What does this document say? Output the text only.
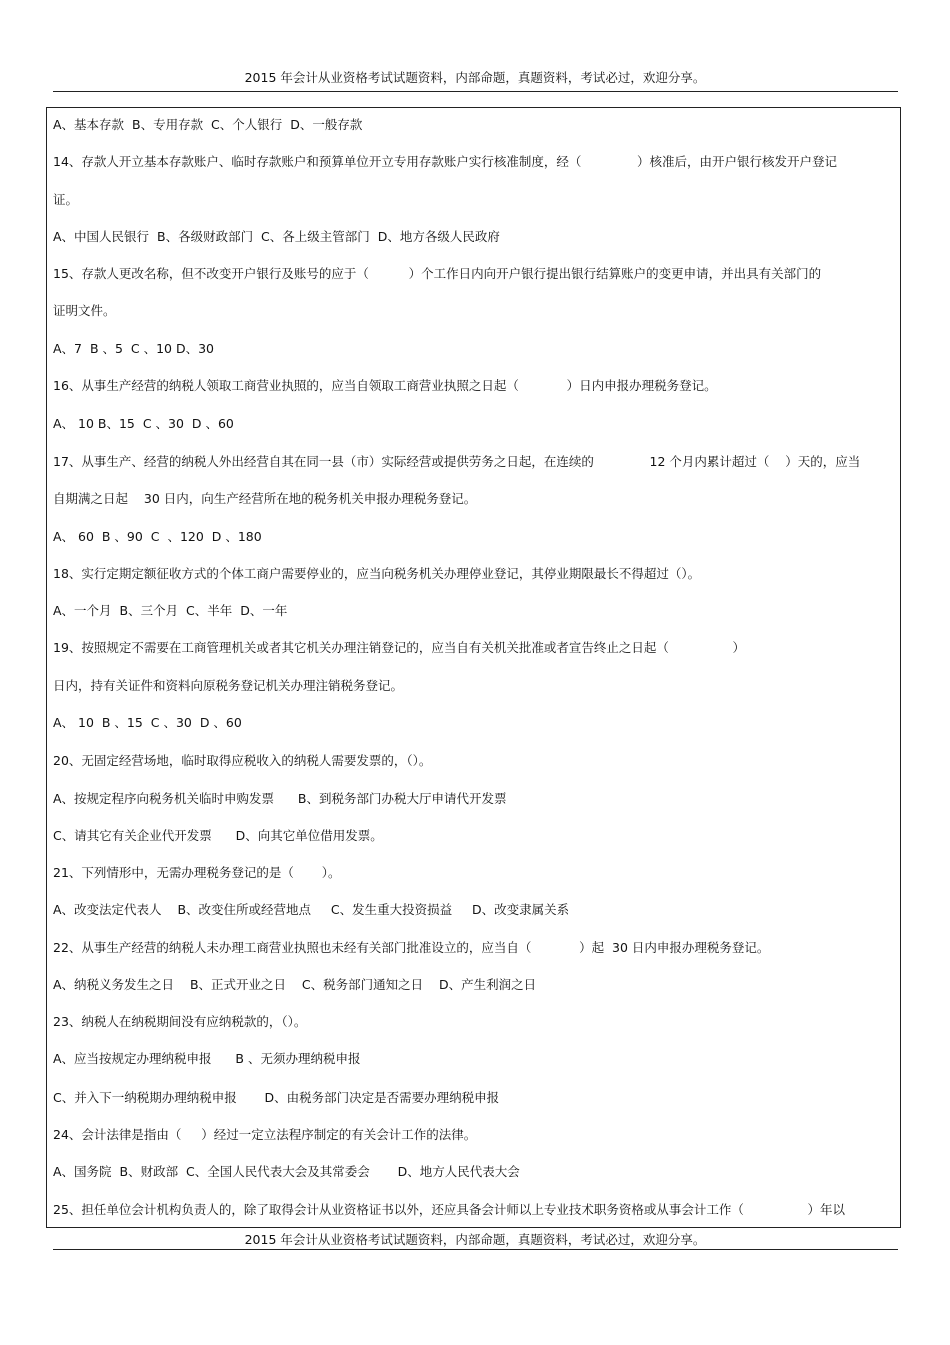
2015 年会计从业资格考试试题资料，内部命题，真题资料，考试必过，欢迎分享。
A、基本存款  B、专用存款  C、个人银行  D、一般存款
14、存款人开立基本存款账户、临时存款账户和预算单位开立专用存款账户实行核准制度，经（              ）核准后，由开户银行核发开户登记
证。
A、中国人民银行  B、各级财政部门  C、各上级主管部门  D、地方各级人民政府
15、存款人更改名称，但不改变开户银行及账号的应于（          ）个工作日内向开户银行提出银行结算账户的变更申请，并出具有关部门的
证明文件。
A、7  B 、5  C 、10 D、30
16、从事生产经营的纳税人领取工商营业执照的，应当自领取工商营业执照之日起（            ）日内申报办理税务登记。
A、 10 B、15  C 、30  D 、60
17、从事生产、经营的纳税人外出经营自其在同一县（市）实际经营或提供劳务之日起，在连续的              12 个月内累计超过（    ）天的，应当
自期满之日起    30 日内，向生产经营所在地的税务机关申报办理税务登记。
A、 60  B 、90  C  、120  D 、180
18、实行定期定额征收方式的个体工商户需要停业的，应当向税务机关办理停业登记，其停业期限最长不得超过（）。
A、一个月  B、三个月  C、半年  D、一年
19、按照规定不需要在工商管理机关或者其它机关办理注销登记的，应当自有关机关批准或者宣告终止之日起（                ）
日内，持有关证件和资料向原税务登记机关办理注销税务登记。
A、 10  B 、15  C 、30  D 、60
20、无固定经营场地，临时取得应税收入的纳税人需要发票的，（）。
A、按规定程序向税务机关临时申购发票      B、到税务部门办税大厅申请代开发票
C、请其它有关企业代开发票      D、向其它单位借用发票。
21、下列情形中，无需办理税务登记的是（       ）。
A、改变法定代表人    B、改变住所或经营地点     C、发生重大投资损益     D、改变隶属关系
22、从事生产经营的纳税人未办理工商营业执照也未经有关部门批准设立的，应当自（            ）起  30 日内申报办理税务登记。
A、纳税义务发生之日    B、正式开业之日    C、税务部门通知之日    D、产生利润之日
23、纳税人在纳税期间没有应纳税款的，（）。
A、应当按规定办理纳税申报      B 、无须办理纳税申报
C、并入下一纳税期办理纳税申报       D、由税务部门决定是否需要办理纳税申报
24、会计法律是指由（     ）经过一定立法程序制定的有关会计工作的法律。
A、国务院  B、财政部  C、全国人民代表大会及其常委会       D、地方人民代表大会
25、担任单位会计机构负责人的，除了取得会计从业资格证书以外，还应具备会计师以上专业技术职务资格或从事会计工作（                ）年以
2015 年会计从业资格考试试题资料，内部命题，真题资料，考试必过，欢迎分享。
